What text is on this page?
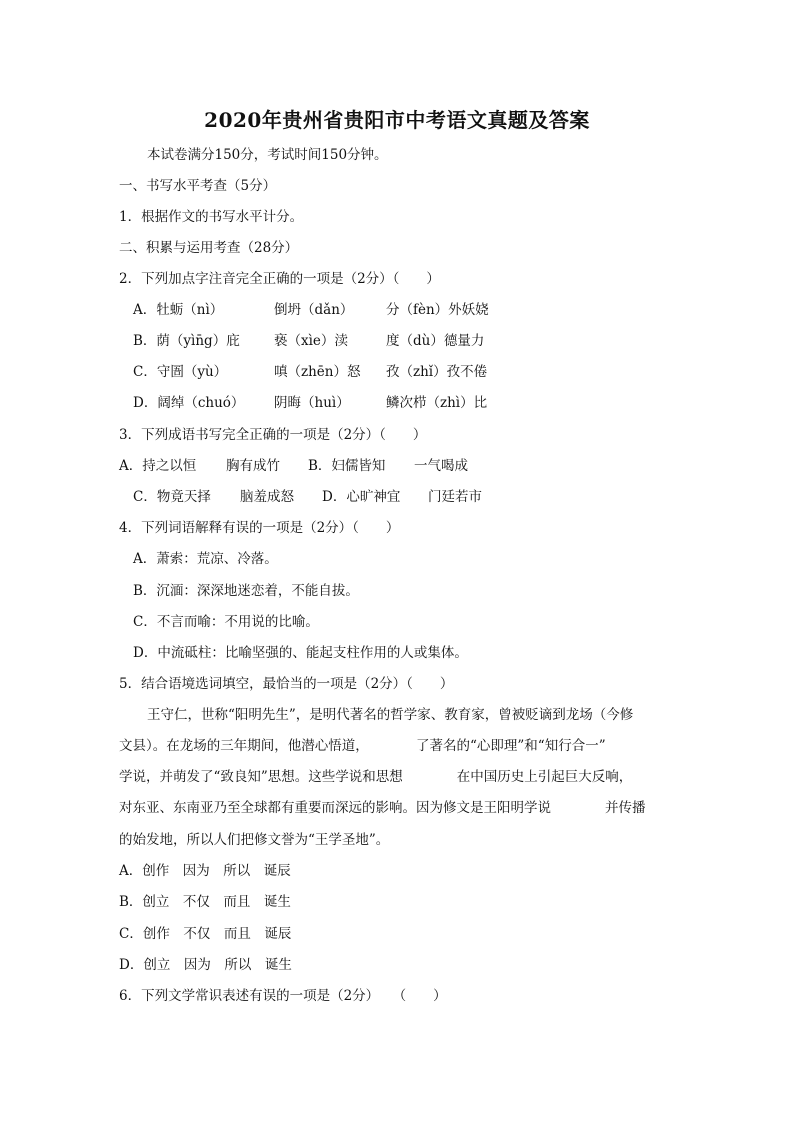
2020年贵州省贵阳市中考语文真题及答案
本试卷满分150分，考试时间150分钟。
一、书写水平考查（5分）
1．根据作文的书写水平计分。
二、积累与运用考查（28分）
2．下列加点字注音完全正确的一项是（2分）（　　）
A．牡蛎（nì）	倒坍（dǎn） 分（fèn）外妖娆
B．荫（yìn̄g）庇	亵（xìe）渎	度（dù）德量力
C．守圄（yù）	嗔（zhēn）怒 孜（zhǐ）孜不倦
D．阔绰（chuó） 阴晦（huì）	鳞次栉（zhì）比
3．下列成语书写完全正确的一项是（2分）（　　）
A．持之以恒 胸有成竹 B．妇儒皆知 一气喝成
C．物竟天择 脑羞成怒 D．心旷神宜 门廷若市
4．下列词语解释有误的一项是（2分）（　　）
A．萧索：荒凉、冷落。
B．沉湎：深深地迷恋着，不能自拔。
C．不言而喻：不用说的比喻。
D．中流砥柱：比喻坚强的、能起支柱作用的人或集体。
5．结合语境选词填空，最恰当的一项是（2分）（　　）
王守仁，世称“阳明先生”，是明代著名的哲学家、教育家，曾被贬谪到龙场（今修
文县）。在龙场的三年期间，他潜心悟道，　　　　了著名的“心即理”和“知行合一”
学说，并萌发了“致良知”思想。这些学说和思想　　　　在中国历史上引起巨大反响，
对东亚、东南亚乃至全球都有重要而深远的影响。因为修文是王阳明学说　　　　并传播
的始发地，所以人们把修文誉为“王学圣地”。
A．创作　因为　所以　诞辰
B．创立　不仅　而且　诞生
C．创作　不仅　而且　诞辰
D．创立　因为　所以　诞生
6．下列文学常识表述有误的一项是（2分）　　（　　）
